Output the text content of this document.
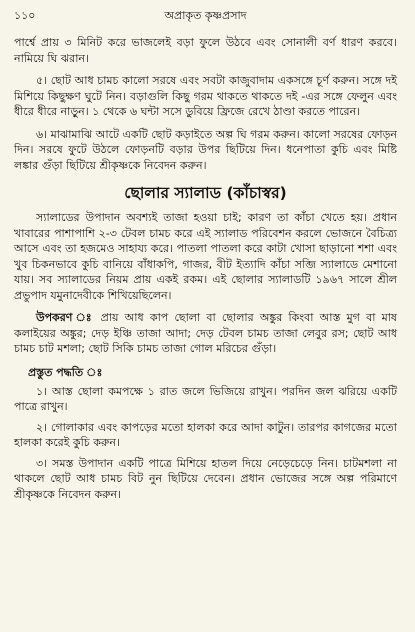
১১০	অপ্রাকৃত কৃষ্ণপ্রসাদ

পার্শ্বে প্রায় ৩ মিনিট করে ভাজলেই বড়া ফুলে উঠবে এবং সোনালী বর্ণ ধারণ করবে। নামিয়ে ঘি ঝরান।

৫। ছোট আধ চামচ কালো সরষে এবং সবটা কাজুবাদাম একসঙ্গে চূর্ণ করুন। সঙ্গে দই মিশিয়ে কিছুক্ষণ ঘুটে নিন। বড়াগুলি কিছু গরম থাকতে থাকতে দই -এর সঙ্গে ফেলুন এবং ধীরে ধীরে নাড়ুন। ১ থেকে ৬ ঘন্টা সসে ডুবিয়ে ফ্রিজে রেখে ঠাণ্ডা করতে পারেন।

৬। মাঝামাঝি আটে একটি ছোট কড়াইতে অল্প ঘি গরম করুন। কালো সরষের ফোড়ন দিন। সরষে ফুটে উঠলে ফোড়নটি বড়ার উপর ছিটিয়ে দিন। ধনেপাতা কুচি এবং মিষ্টি লঙ্কার গুঁড়া ছিটিয়ে শ্রীকৃষ্ণকে নিবেদন করুন।

ছোলার স্যালাড (কাঁচাস্বর)

স্যালাডের উপাদান অবশ্যই তাজা হওয়া চাই; কারণ তা কাঁচা খেতে হয়। প্রধান খাবারের পাশাপাশি ২-৩ টেবল চামচ করে এই স্যালাড পরিবেশন করলে ভোজনে বৈচিত্র্য আসে এবং তা হজমেও সাহায্য করে। পাতলা পাতলা করে কাটা খোসা ছাড়ানো শশা এবং খুব চিকনভাবে কুচি বানিয়ে বাঁধাকপি, গাজর, বীট ইত্যাদি কাঁচা সব্জি স্যালাডে মেশানো যায়। সব স্যালাডের নিয়ম প্রায় একই রকম। এই ছোলার স্যালাডটি ১৯৬৭ সালে শ্রীল প্রভুপাদ যমুনাদেবীকে শিখিয়েছিলেন।

উপকরণ ঃ প্রায় আধ কাপ ছোলা বা ছোলার অঙ্কুর কিংবা আস্ত মুগ বা মাষ কলাইয়ের অঙ্কুর; দেড় ইঞ্চি তাজা আদা; দেড় টেবল চামচ তাজা লেবুর রস; ছোট আধ চামচ চাট মশলা; ছোট সিকি চামচ তাজা গোল মরিচের গুঁড়া।

প্রস্তুত পদ্ধতি ঃ

১। আস্ত ছোলা কমপক্ষে ১ রাত জলে ভিজিয়ে রাখুন। পরদিন জল ঝরিয়ে একটি পাত্রে রাখুন।

২। গোলাকার এবং কাপড়ের মতো হালকা করে আদা কাটুন। তারপর কাগজের মতো হালকা করেই কুচি করুন।

৩। সমস্ত উপাদান একটি পাত্রে মিশিয়ে হাতল দিয়ে নেড়েচেড়ে নিন। চাটমশলা না থাকলে ছোট আধ চামচ বিট নুন ছিটিয়ে দেবেন। প্রধান ভোজের সঙ্গে অল্প পরিমাণে শ্রীকৃষ্ণকে নিবেদন করুন।
